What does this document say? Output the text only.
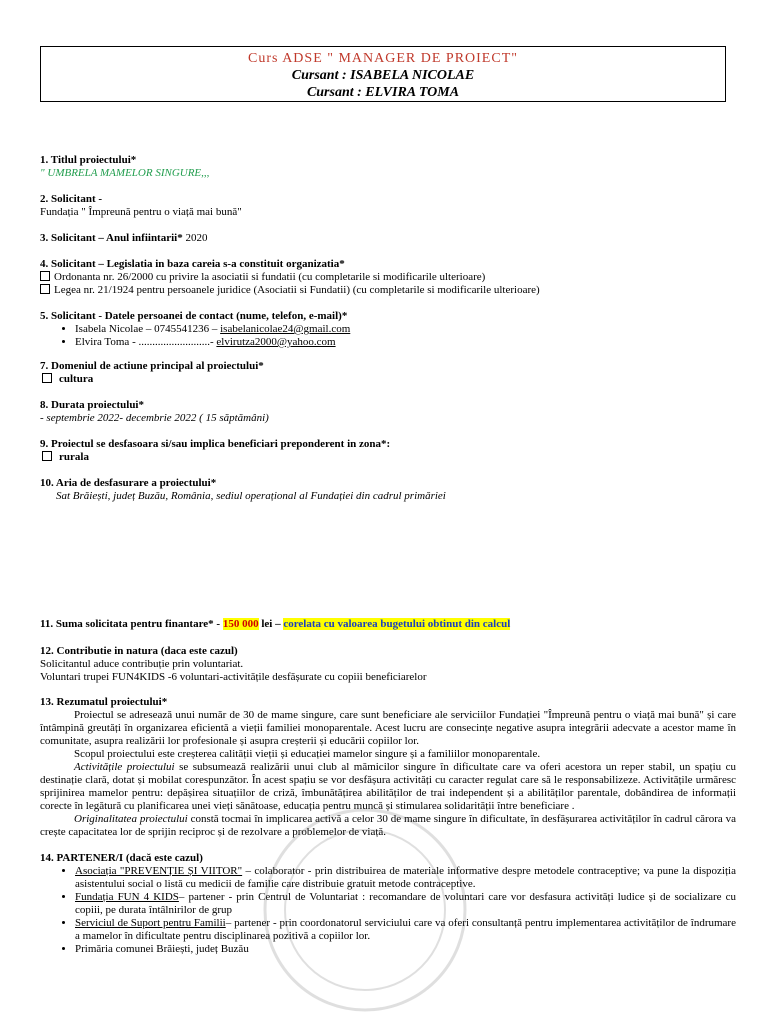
Curs ADSE " MANAGER DE PROIECT"
Cursant : ISABELA NICOLAE
Cursant : ELVIRA TOMA
1. Titlul proiectului*
" UMBRELA MAMELOR SINGURE,,,
2. Solicitant -
Fundația " Împreună pentru o viață mai bună"
3. Solicitant – Anul infiintarii* 2020
4. Solicitant – Legislatia in baza careia s-a constituit organizatia*
Ordonanta nr. 26/2000 cu privire la asociatii si fundatii (cu completarile si modificarile ulterioare)
Legea nr. 21/1924 pentru persoanele juridice (Asociatii si Fundatii) (cu completarile si modificarile ulterioare)
5. Solicitant - Datele persoanei de contact (nume, telefon, e-mail)*
• Isabela Nicolae – 0745541236 – isabelanicolae24@gmail.com
• Elvira Toma - ..........................- elvirutza2000@yahoo.com
7. Domeniul de actiune principal al proiectului*
cultura
8. Durata proiectului*
- septembrie 2022- decembrie 2022 ( 15 săptămâni)
9. Proiectul se desfasoara si/sau implica beneficiari preponderent in zona*:
rurala
10. Aria de desfasurare a proiectului*
Sat Brăiești, județ Buzău, România, sediul operațional al Fundației din cadrul primăriei
11. Suma solicitata pentru finantare* - 150 000 lei – corelata cu valoarea bugetului obtinut din calcul
12. Contributie in natura (daca este cazul)
Solicitantul aduce contribuție prin voluntariat.
Voluntari trupei FUN4KIDS -6 voluntari-activitățile desfășurate cu copiii beneficiarelor
13. Rezumatul proiectului*

Proiectul se adresează unui număr de 30 de mame singure, care sunt beneficiare ale serviciilor Fundației "Împreună pentru o viață mai bună" și care întâmpină greutăți în organizarea eficientă a vieții familiei monoparentale. Acest lucru are consecințe negative asupra integrării adecvate a acestor mame în comunitate, asupra realizării lor profesionale și asupra creșterii și educării copiilor lor.

Scopul proiectului este creșterea calității vieții și educației mamelor singure și a familiilor monoparentale.

Activitățile proiectului se subsumează realizării unui club al mămicilor singure în dificultate care va oferi acestora un reper stabil, un spațiu cu destinație clară, dotat și mobilat corespunzător. În acest spațiu se vor desfășura activități cu caracter regulat care să le responsabilizeze. Activitățile urmăresc sprijinirea mamelor pentru: depășirea situațiilor de criză, îmbunătățirea abilităților de trai independent și a abilităților parentale, dobândirea de informații corecte în legătură cu planificarea unei vieți sănătoase, educația pentru muncă și stimularea solidarității între beneficiare .

Originalitatea proiectului constă tocmai în implicarea activă a celor 30 de mame singure în dificultate, în desfășurarea activităților în cadrul cărora va crește capacitatea lor de sprijin reciproc și de rezolvare a problemelor de viață.

14. PARTENER/I (dacă este cazul)
• Asociația "PREVENȚIE ȘI VIITOR" – colaborator - prin distribuirea de materiale informative despre metodele contraceptive; va pune la dispoziția asistentului social o listă cu medicii de familie care distribuie gratuit metode contraceptive.
• Fundația FUN 4 KIDS– partener - prin Centrul de Voluntariat : recomandare de voluntari care vor desfasura activități ludice și de socializare cu copiii, pe durata întâlnirilor de grup
• Serviciul de Suport pentru Familii– partener - prin coordonatorul serviciului care va oferi consultanță pentru implementarea activităților de îndrumare a mamelor în dificultate pentru disciplinarea pozitivă a copiilor lor.
• Primăria comunei Brăiești, județ Buzău
